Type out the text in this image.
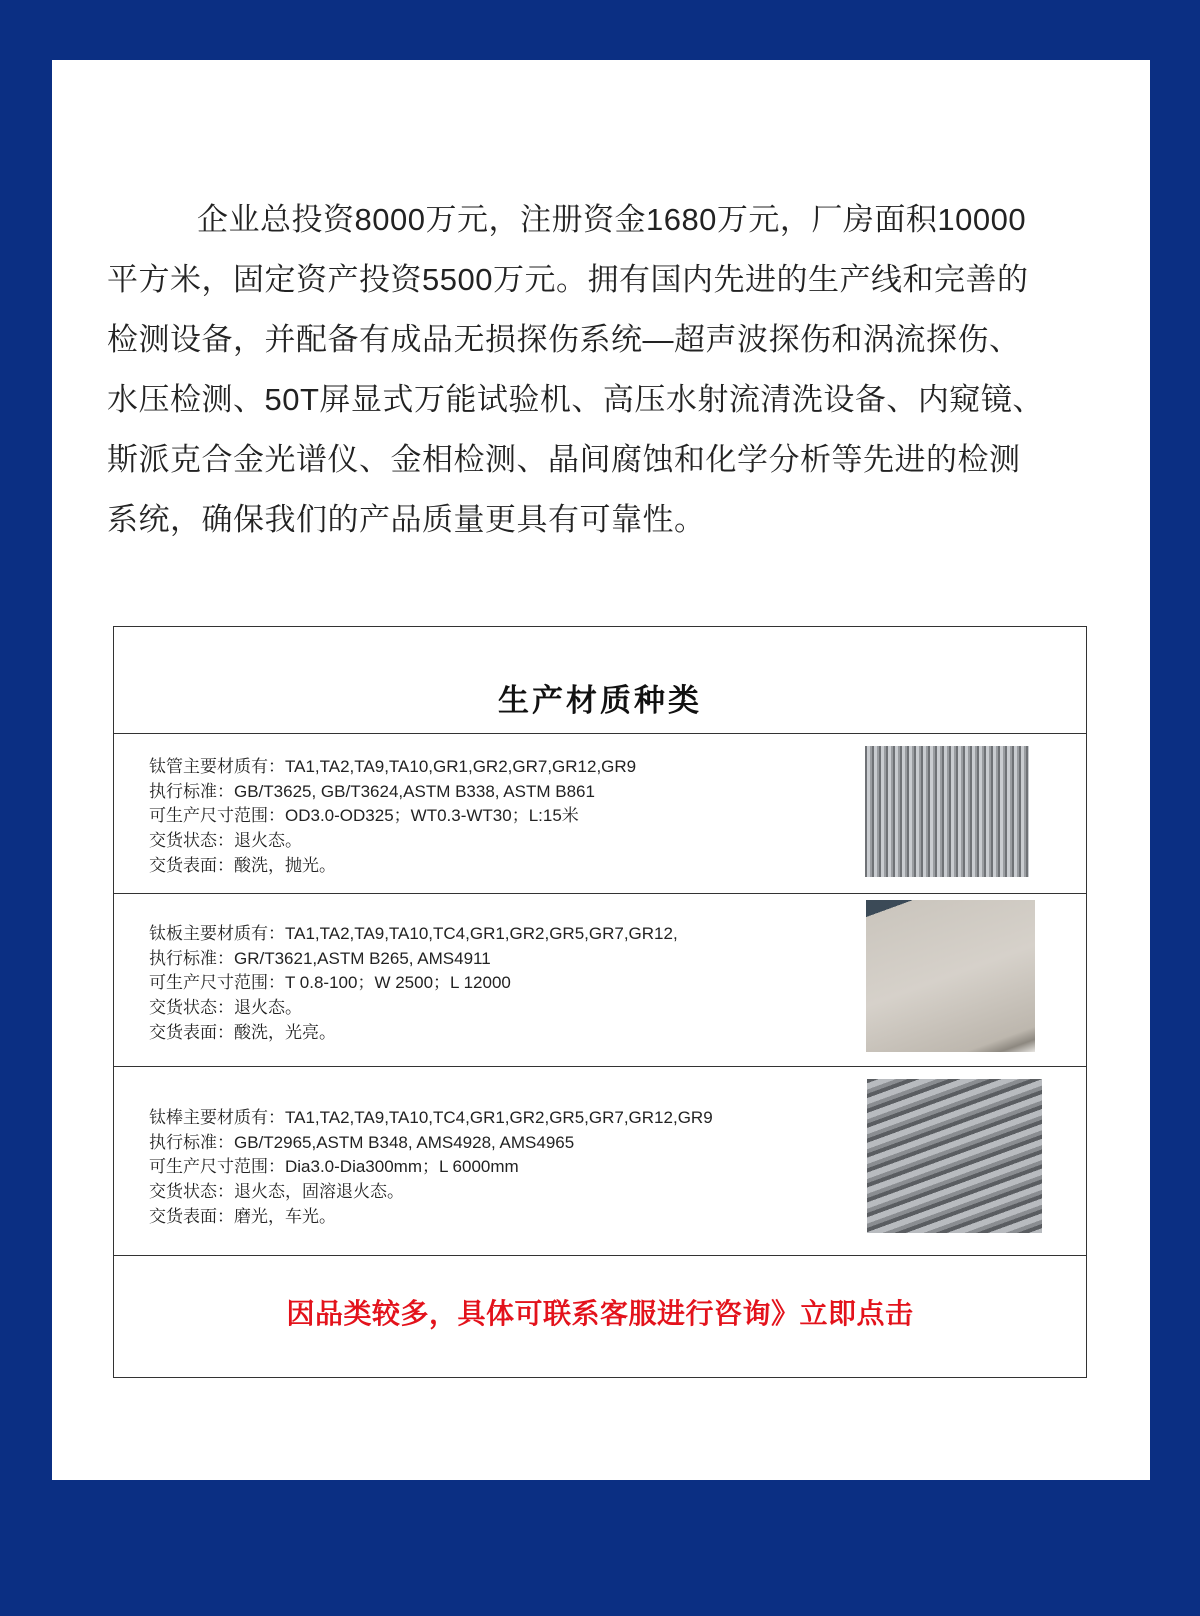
企业总投资8000万元，注册资金1680万元，厂房面积10000
平方米，固定资产投资5500万元。拥有国内先进的生产线和完善的
检测设备，并配备有成品无损探伤系统—超声波探伤和涡流探伤、
水压检测、50T屏显式万能试验机、高压水射流清洗设备、内窥镜、
斯派克合金光谱仪、金相检测、晶间腐蚀和化学分析等先进的检测
系统，确保我们的产品质量更具有可靠性。
生产材质种类
钛管主要材质有：TA1,TA2,TA9,TA10,GR1,GR2,GR7,GR12,GR9
执行标准：GB/T3625, GB/T3624,ASTM B338, ASTM B861
可生产尺寸范围：OD3.0-OD325；WT0.3-WT30；L:15米
交货状态：退火态。
交货表面：酸洗，抛光。
钛板主要材质有：TA1,TA2,TA9,TA10,TC4,GR1,GR2,GR5,GR7,GR12,
执行标准：GR/T3621,ASTM B265, AMS4911
可生产尺寸范围：T 0.8-100；W 2500；L 12000
交货状态：退火态。
交货表面：酸洗，光亮。
钛棒主要材质有：TA1,TA2,TA9,TA10,TC4,GR1,GR2,GR5,GR7,GR12,GR9
执行标准：GB/T2965,ASTM B348, AMS4928, AMS4965
可生产尺寸范围：Dia3.0-Dia300mm；L 6000mm
交货状态：退火态，固溶退火态。
交货表面：磨光，车光。
因品类较多，具体可联系客服进行咨询》立即点击
